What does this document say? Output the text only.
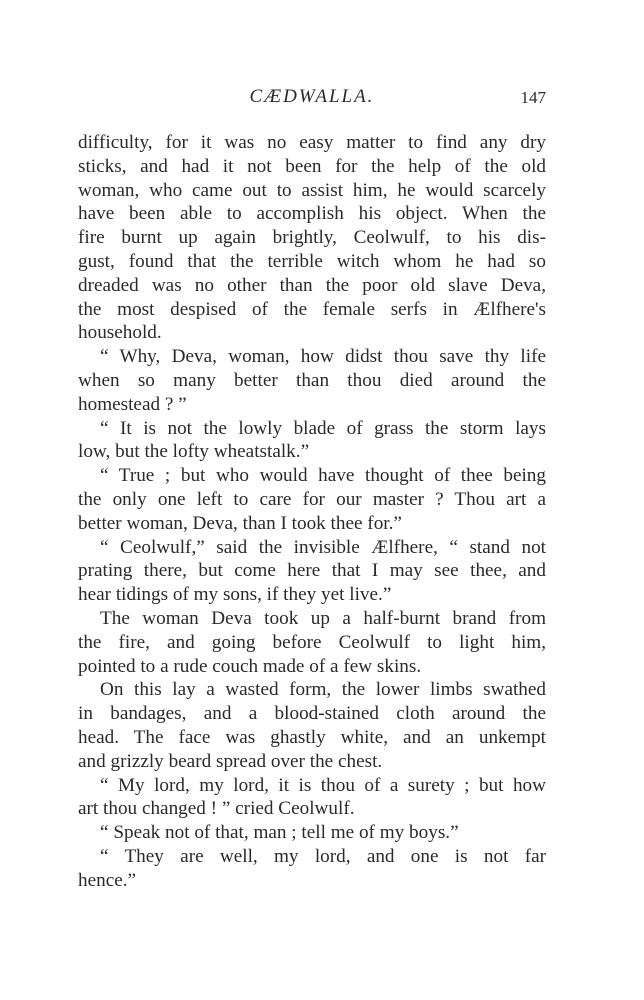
CÆDWALLA.	147
difficulty, for it was no easy matter to find any dry
sticks, and had it not been for the help of the old
woman, who came out to assist him, he would scarcely
have been able to accomplish his object. When the
fire burnt up again brightly, Ceolwulf, to his dis-
gust, found that the terrible witch whom he had so
dreaded was no other than the poor old slave Deva,
the most despised of the female serfs in Ælfhere's
household.
“ Why, Deva, woman, how didst thou save thy life
when so many better than thou died around the
homestead ? ”
“ It is not the lowly blade of grass the storm lays
low, but the lofty wheatstalk.”
“ True ; but who would have thought of thee being
the only one left to care for our master ? Thou art a
better woman, Deva, than I took thee for.”
“ Ceolwulf,” said the invisible Ælfhere, “ stand not
prating there, but come here that I may see thee, and
hear tidings of my sons, if they yet live.”
The woman Deva took up a half-burnt brand from
the fire, and going before Ceolwulf to light him,
pointed to a rude couch made of a few skins.
On this lay a wasted form, the lower limbs swathed
in bandages, and a blood-stained cloth around the
head. The face was ghastly white, and an unkempt
and grizzly beard spread over the chest.
“ My lord, my lord, it is thou of a surety ; but how
art thou changed ! ” cried Ceolwulf.
“ Speak not of that, man ; tell me of my boys.”
“ They are well, my lord, and one is not far
hence.”
